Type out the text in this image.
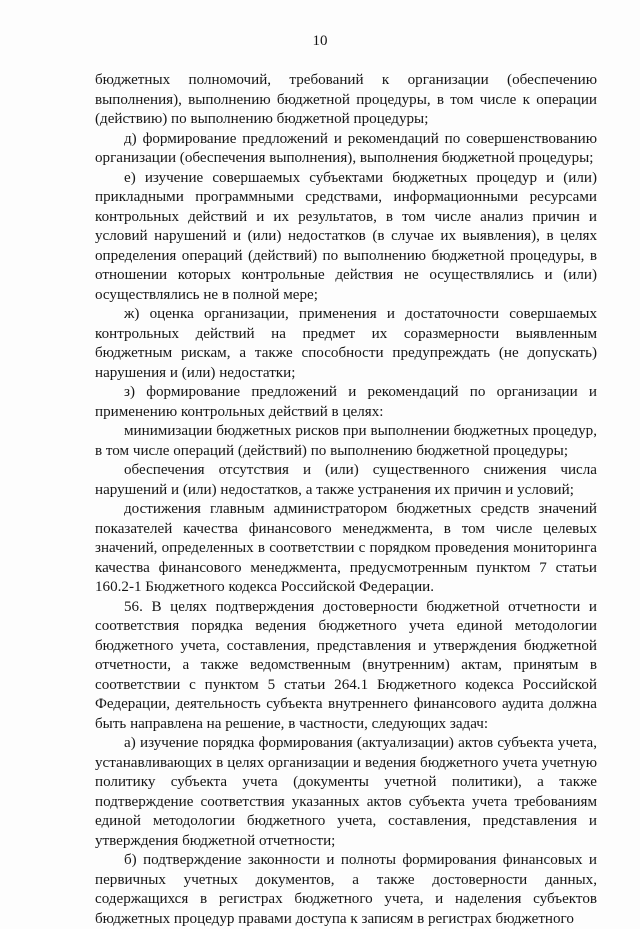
10

бюджетных полномочий, требований к организации (обеспечению выполнения), выполнению бюджетной процедуры, в том числе к операции (действию) по выполнению бюджетной процедуры;

д) формирование предложений и рекомендаций по совершенствованию организации (обеспечения выполнения), выполнения бюджетной процедуры;

е) изучение совершаемых субъектами бюджетных процедур и (или) прикладными программными средствами, информационными ресурсами контрольных действий и их результатов, в том числе анализ причин и условий нарушений и (или) недостатков (в случае их выявления), в целях определения операций (действий) по выполнению бюджетной процедуры, в отношении которых контрольные действия не осуществлялись и (или) осуществлялись не в полной мере;

ж) оценка организации, применения и достаточности совершаемых контрольных действий на предмет их соразмерности выявленным бюджетным рискам, а также способности предупреждать (не допускать) нарушения и (или) недостатки;

з) формирование предложений и рекомендаций по организации и применению контрольных действий в целях:

минимизации бюджетных рисков при выполнении бюджетных процедур, в том числе операций (действий) по выполнению бюджетной процедуры;

обеспечения отсутствия и (или) существенного снижения числа нарушений и (или) недостатков, а также устранения их причин и условий;

достижения главным администратором бюджетных средств значений показателей качества финансового менеджмента, в том числе целевых значений, определенных в соответствии с порядком проведения мониторинга качества финансового менеджмента, предусмотренным пунктом 7 статьи 160.2-1 Бюджетного кодекса Российской Федерации.

56. В целях подтверждения достоверности бюджетной отчетности и соответствия порядка ведения бюджетного учета единой методологии бюджетного учета, составления, представления и утверждения бюджетной отчетности, а также ведомственным (внутренним) актам, принятым в соответствии с пунктом 5 статьи 264.1 Бюджетного кодекса Российской Федерации, деятельность субъекта внутреннего финансового аудита должна быть направлена на решение, в частности, следующих задач:

а) изучение порядка формирования (актуализации) актов субъекта учета, устанавливающих в целях организации и ведения бюджетного учета учетную политику субъекта учета (документы учетной политики), а также подтверждение соответствия указанных актов субъекта учета требованиям единой методологии бюджетного учета, составления, представления и утверждения бюджетной отчетности;

б) подтверждение законности и полноты формирования финансовых и первичных учетных документов, а также достоверности данных, содержащихся в регистрах бюджетного учета, и наделения субъектов бюджетных процедур правами доступа к записям в регистрах бюджетного
